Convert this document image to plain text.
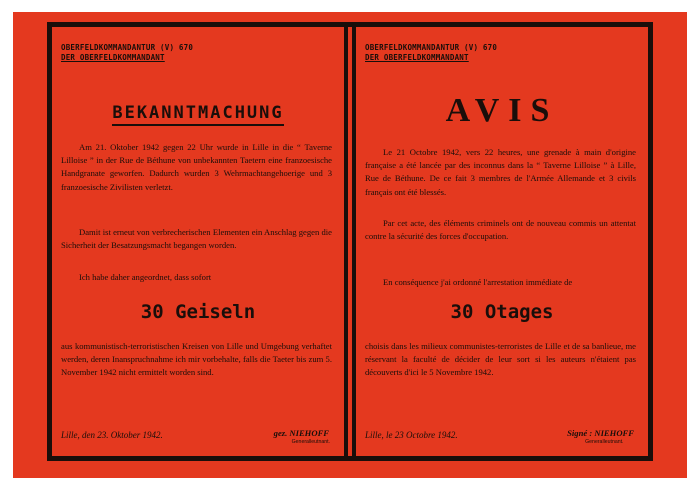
OBERFELDKOMMANDANTUR (V) 670
DER OBERFELDKOMMANDANT
BEKANNTMACHUNG
Am 21. Oktober 1942 gegen 22 Uhr wurde in Lille in die “ Taverne Lilloise ” in der Rue de Béthune von unbekannten Taetern eine franzoesische Handgranate geworfen. Dadurch wurden 3 Wehrmachtangehoerige und 3 franzoesische Zivilisten verletzt.
Damit ist erneut von verbrecherischen Elementen ein Anschlag gegen die Sicherheit der Besatzungsmacht begangen worden.
Ich habe daher angeordnet, dass sofort
30 Geiseln
aus kommunistisch-terroristischen Kreisen von Lille und Umgebung verhaftet werden, deren Inanspruchnahme ich mir vorbehalte, falls die Taeter bis zum 5. November 1942 nicht ermittelt worden sind.
Lille, den 23. Oktober 1942.	gez. NIEHOFF
Generalleutnant.
OBERFELDKOMMANDANTUR (V) 670
DER OBERFELDKOMMANDANT
AVIS
Le 21 Octobre 1942, vers 22 heures, une grenade à main d'origine française a été lancée par des inconnus dans la “ Taverne Lilloise ” à Lille, Rue de Béthune. De ce fait 3 membres de l'Armée Allemande et 3 civils français ont été blessés.
Par cet acte, des éléments criminels ont de nouveau commis un attentat contre la sécurité des forces d'occupation.
En conséquence j'ai ordonné l'arrestation immédiate de
30 Otages
choisis dans les milieux communistes-terroristes de Lille et de sa banlieue, me réservant la faculté de décider de leur sort si les auteurs n'étaient pas découverts d'ici le 5 Novembre 1942.
Lille, le 23 Octobre 1942.	Signé : NIEHOFF
Generalleutnant.
